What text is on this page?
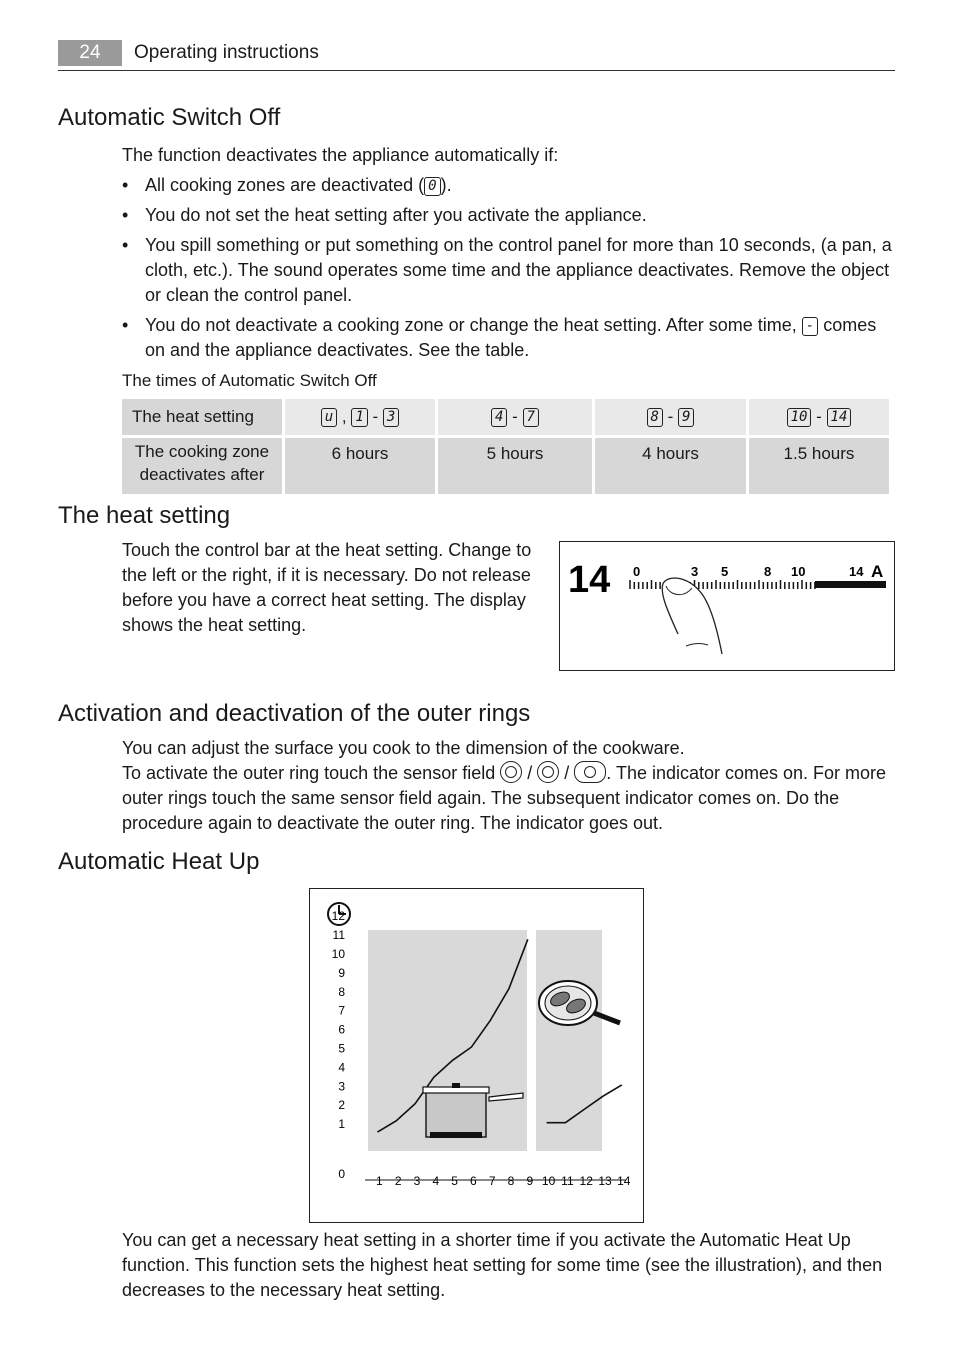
24	Operating instructions
Automatic Switch Off
The function deactivates the appliance automatically if:
• All cooking zones are deactivated ( 0 ).
• You do not set the heat setting after you activate the appliance.
• You spill something or put something on the control panel for more than 10 seconds, (a pan, a cloth, etc.). The sound operates some time and the appliance deactivates. Remove the object or clean the control panel.
• You do not deactivate a cooking zone or change the heat setting. After some time, - comes on and the appliance deactivates. See the table.
The times of Automatic Switch Off
The heat setting	u , 1 - 3	4 - 7	8 - 9	10 - 14
The cooking zone deactivates after	6 hours	5 hours	4 hours	1.5 hours
The heat setting
Touch the control bar at the heat setting. Change to the left or the right, if it is necessary. Do not release before you have a correct heat setting. The display shows the heat setting.
14 0	3 5	8 10	14 A
Activation and deactivation of the outer rings
You can adjust the surface you cook to the dimension of the cookware.
To activate the outer ring touch the sensor field  /  / . The indicator comes on. For more outer rings touch the same sensor field again. The subsequent indicator comes on. Do the procedure again to deactivate the outer ring. The indicator goes out.
Automatic Heat Up
12
11
10
9
8
7
6
5
4
3
2
1
0	1 2 3 4 5 6 7 8 9 10 11 12 13 14
You can get a necessary heat setting in a shorter time if you activate the Automatic Heat Up function. This function sets the highest heat setting for some time (see the illustration), and then decreases to the necessary heat setting.
